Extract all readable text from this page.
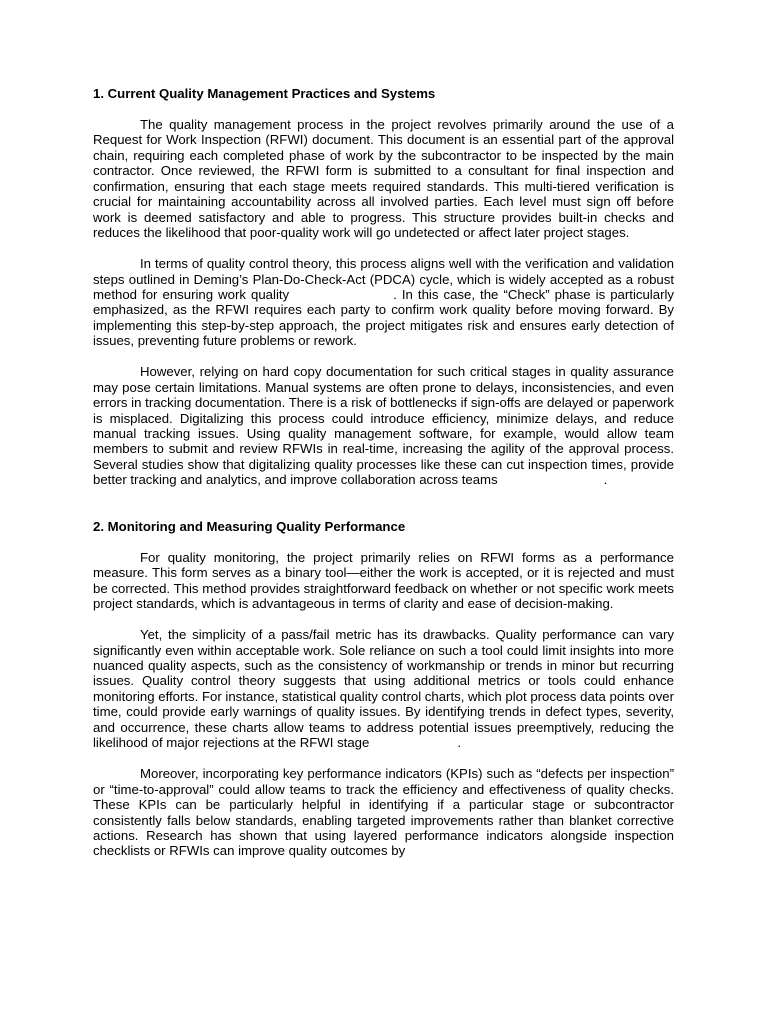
1. Current Quality Management Practices and Systems

The quality management process in the project revolves primarily around the use of a Request for Work Inspection (RFWI) document. This document is an essential part of the approval chain, requiring each completed phase of work by the subcontractor to be inspected by the main contractor. Once reviewed, the RFWI form is submitted to a consultant for final inspection and confirmation, ensuring that each stage meets required standards. This multi-tiered verification is crucial for maintaining accountability across all involved parties. Each level must sign off before work is deemed satisfactory and able to progress. This structure provides built-in checks and reduces the likelihood that poor-quality work will go undetected or affect later project stages.

In terms of quality control theory, this process aligns well with the verification and validation steps outlined in Deming’s Plan-Do-Check-Act (PDCA) cycle, which is widely accepted as a robust method for ensuring work quality	. In this case, the “Check” phase is particularly emphasized, as the RFWI requires each party to confirm work quality before moving forward. By implementing this step-by-step approach, the project mitigates risk and ensures early detection of issues, preventing future problems or rework.

However, relying on hard copy documentation for such critical stages in quality assurance may pose certain limitations. Manual systems are often prone to delays, inconsistencies, and even errors in tracking documentation. There is a risk of bottlenecks if sign-offs are delayed or paperwork is misplaced. Digitalizing this process could introduce efficiency, minimize delays, and reduce manual tracking issues. Using quality management software, for example, would allow team members to submit and review RFWIs in real-time, increasing the agility of the approval process. Several studies show that digitalizing quality processes like these can cut inspection times, provide better tracking and analytics, and improve collaboration across teams	.

2. Monitoring and Measuring Quality Performance

For quality monitoring, the project primarily relies on RFWI forms as a performance measure. This form serves as a binary tool—either the work is accepted, or it is rejected and must be corrected. This method provides straightforward feedback on whether or not specific work meets project standards, which is advantageous in terms of clarity and ease of decision-making.

Yet, the simplicity of a pass/fail metric has its drawbacks. Quality performance can vary significantly even within acceptable work. Sole reliance on such a tool could limit insights into more nuanced quality aspects, such as the consistency of workmanship or trends in minor but recurring issues. Quality control theory suggests that using additional metrics or tools could enhance monitoring efforts. For instance, statistical quality control charts, which plot process data points over time, could provide early warnings of quality issues. By identifying trends in defect types, severity, and occurrence, these charts allow teams to address potential issues preemptively, reducing the likelihood of major rejections at the RFWI stage	.

Moreover, incorporating key performance indicators (KPIs) such as “defects per inspection” or “time-to-approval” could allow teams to track the efficiency and effectiveness of quality checks. These KPIs can be particularly helpful in identifying if a particular stage or subcontractor consistently falls below standards, enabling targeted improvements rather than blanket corrective actions. Research has shown that using layered performance indicators alongside inspection checklists or RFWIs can improve quality outcomes by
